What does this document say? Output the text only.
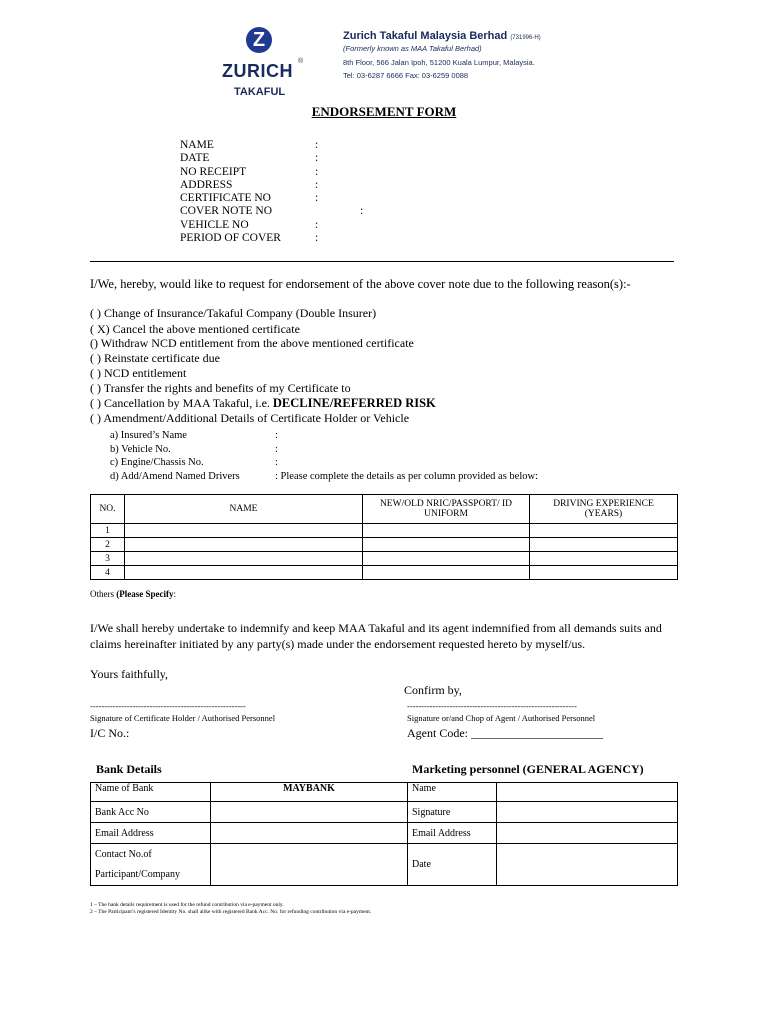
Z
ZURICH ®
TAKAFUL
Zurich Takaful Malaysia Berhad (731996-H)
(Formerly known as MAA Takaful Berhad)
8th Floor, 566 Jalan Ipoh, 51200 Kuala Lumpur, Malaysia.
Tel: 03-6287 6666 Fax: 03-6259 0088
ENDORSEMENT FORM
NAME	:
DATE	:
NO RECEIPT	:
ADDRESS	:
CERTIFICATE NO	:
COVER NOTE NO	:
VEHICLE NO	:
PERIOD OF COVER	:
I/We, hereby, would like to request for endorsement of the above cover note due to the following reason(s):-
( ) Change of Insurance/Takaful Company (Double Insurer)
( X) Cancel the above mentioned certificate
() Withdraw NCD entitlement from the above mentioned certificate
( ) Reinstate certificate due
( ) NCD entitlement
( ) Transfer the rights and benefits of my Certificate to
( ) Cancellation by MAA Takaful, i.e. DECLINE/REFERRED RISK
( ) Amendment/Additional Details of Certificate Holder or Vehicle
a) Insured’s Name	:
b) Vehicle No.	:
c) Engine/Chassis No.	:
d) Add/Amend Named Drivers	: Please complete the details as per column provided as below:
NO.	NAME	NEW/OLD NRIC/PASSPORT/ ID UNIFORM	DRIVING EXPERIENCE (YEARS)
1			
2			
3			
4			
Others (Please Specify:
I/We shall hereby undertake to indemnify and keep MAA Takaful and its agent indemnified from all demands suits and claims hereinafter initiated by any party(s) made under the endorsement requested hereto by myself/us.
Yours faithfully,
Confirm by,
-------------------------------------------------------	------------------------------------------------------------
Signature of Certificate Holder / Authorised Personnel	Signature or/and Chop of Agent / Authorised Personnel
I/C No.:	Agent Code: ______________________
Bank Details	Marketing personnel (GENERAL AGENCY)
Name of Bank	MAYBANK	Name	
Bank Acc No		Signature	
Email Address		Email Address	
Contact No.of Participant/Company		Date	
1 – The bank details requirement is used for the refund contribution via e-payment only.
2 – The Participant’s registered Identity No. shall alike with registered Bank Acc. No. for refunding contribution via e-payment.
